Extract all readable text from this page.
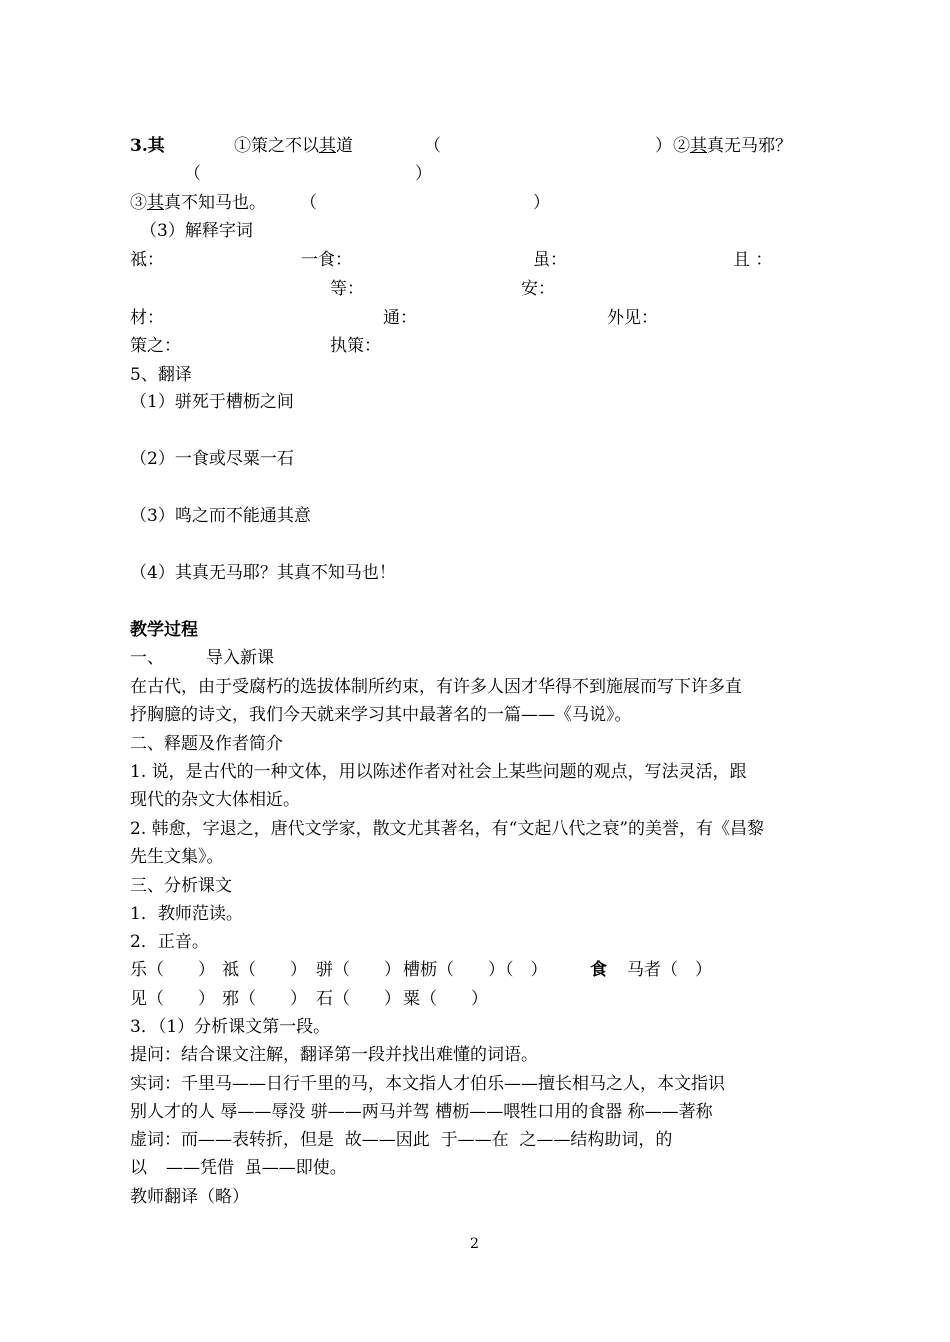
3.其	①策之不以其道	（	） ②其真无马邪？
（	）
③其真不知马也。 （	）
（3）解释字词
祗：	一食：	虽：	且 ：
等：	安：
材：	通：	外见：
策之：	执策：
5、翻译
（1）骈死于槽枥之间
（2）一食或尽粟一石
（3）鸣之而不能通其意
（4）其真无马耶？其真不知马也！
教学过程
一、 导入新课
在古代，由于受腐朽的选拔体制所约束，有许多人因才华得不到施展而写下许多直
抒胸臆的诗文，我们今天就来学习其中最著名的一篇——《马说》。
二、释题及作者简介
1. 说，是古代的一种文体，用以陈述作者对社会上某些问题的观点，写法灵活，跟
现代的杂文大体相近。
2. 韩愈，字退之，唐代文学家，散文尤其著名，有“文起八代之衰”的美誉，有《昌黎
先生文集》。
三、分析课文
1．教师范读。
2．正音。
乐（　　） 祗（　　） 骈（　　） 槽枥（　　）（　）	食 马者（　）
见（　　） 邪（　　） 石（　　） 粟（　　）
3．（1）分析课文第一段。
提问：结合课文注解，翻译第一段并找出难懂的词语。
实词：千里马——日行千里的马，本文指人才伯乐——擅长相马之人，本文指识
别人才的人 辱——辱没 骈——两马并驾 槽枥——喂牲口用的食器 称——著称
虚词：而——表转折，但是  故——因此  于——在  之——结构助词，的
以 ——凭借  虽——即使。
教师翻译（略）
2
